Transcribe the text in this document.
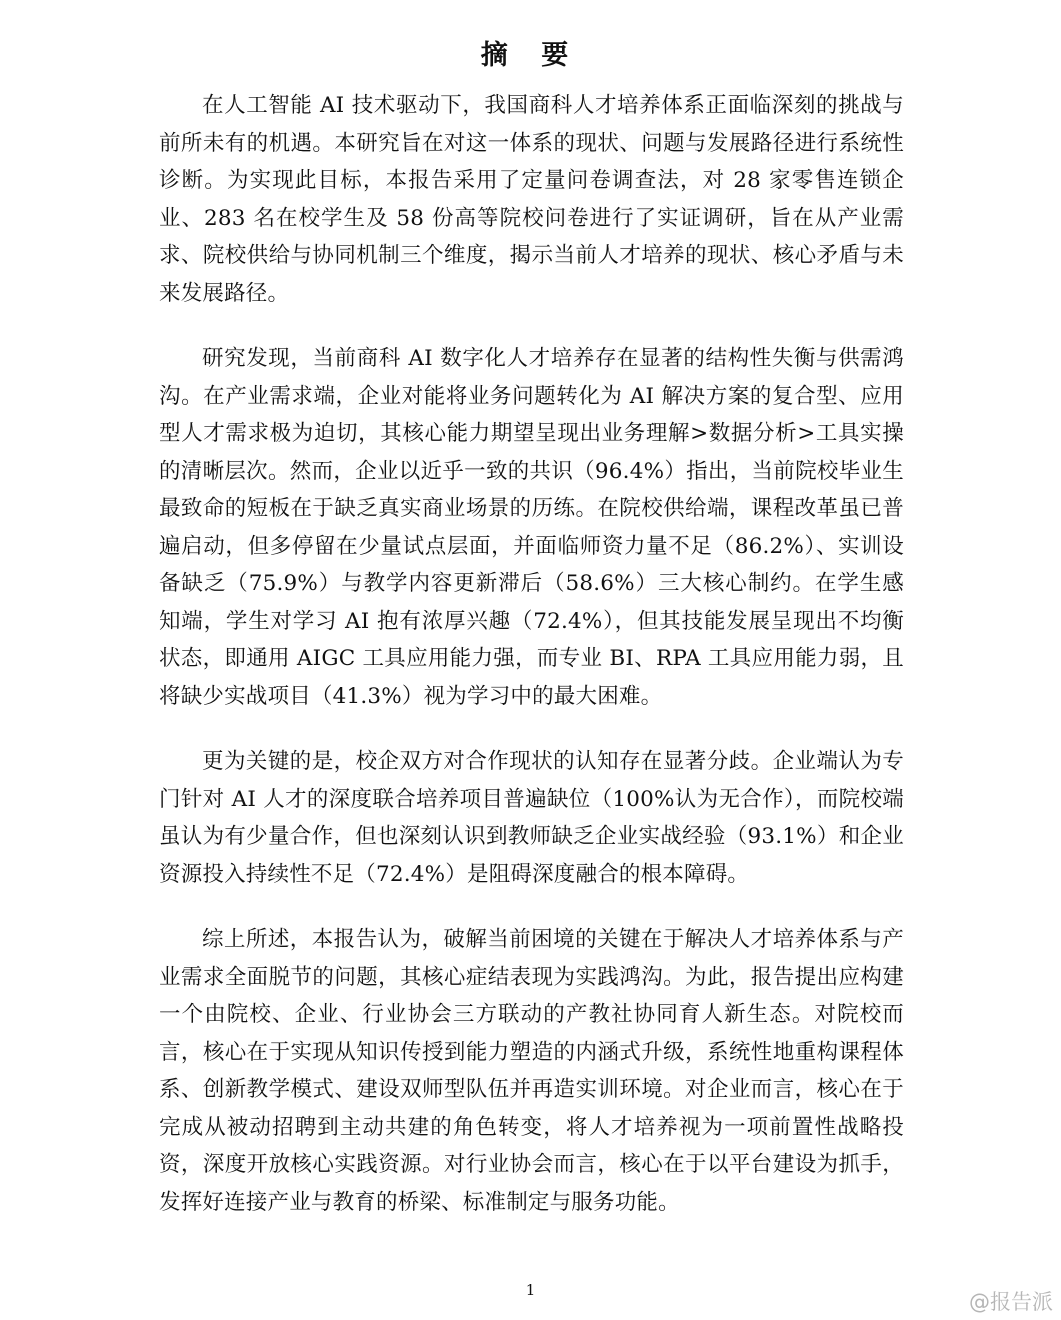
摘 要

在人工智能 AI 技术驱动下，我国商科人才培养体系正面临深刻的挑战与前所未有的机遇。本研究旨在对这一体系的现状、问题与发展路径进行系统性诊断。为实现此目标，本报告采用了定量问卷调查法，对 28 家零售连锁企业、283 名在校学生及 58 份高等院校问卷进行了实证调研，旨在从产业需求、院校供给与协同机制三个维度，揭示当前人才培养的现状、核心矛盾与未来发展路径。

研究发现，当前商科 AI 数字化人才培养存在显著的结构性失衡与供需鸿沟。在产业需求端，企业对能将业务问题转化为 AI 解决方案的复合型、应用型人才需求极为迫切，其核心能力期望呈现出业务理解>数据分析>工具实操的清晰层次。然而，企业以近乎一致的共识（96.4%）指出，当前院校毕业生最致命的短板在于缺乏真实商业场景的历练。在院校供给端，课程改革虽已普遍启动，但多停留在少量试点层面，并面临师资力量不足（86.2%）、实训设备缺乏（75.9%）与教学内容更新滞后（58.6%）三大核心制约。在学生感知端，学生对学习 AI 抱有浓厚兴趣（72.4%），但其技能发展呈现出不均衡状态，即通用 AIGC 工具应用能力强，而专业 BI、RPA 工具应用能力弱，且将缺少实战项目（41.3%）视为学习中的最大困难。

更为关键的是，校企双方对合作现状的认知存在显著分歧。企业端认为专门针对 AI 人才的深度联合培养项目普遍缺位（100%认为无合作），而院校端虽认为有少量合作，但也深刻认识到教师缺乏企业实战经验（93.1%）和企业资源投入持续性不足（72.4%）是阻碍深度融合的根本障碍。

综上所述，本报告认为，破解当前困境的关键在于解决人才培养体系与产业需求全面脱节的问题，其核心症结表现为实践鸿沟。为此，报告提出应构建一个由院校、企业、行业协会三方联动的产教社协同育人新生态。对院校而言，核心在于实现从知识传授到能力塑造的内涵式升级，系统性地重构课程体系、创新教学模式、建设双师型队伍并再造实训环境。对企业而言，核心在于完成从被动招聘到主动共建的角色转变，将人才培养视为一项前置性战略投资，深度开放核心实践资源。对行业协会而言，核心在于以平台建设为抓手，发挥好连接产业与教育的桥梁、标准制定与服务功能。

1	@报告派
